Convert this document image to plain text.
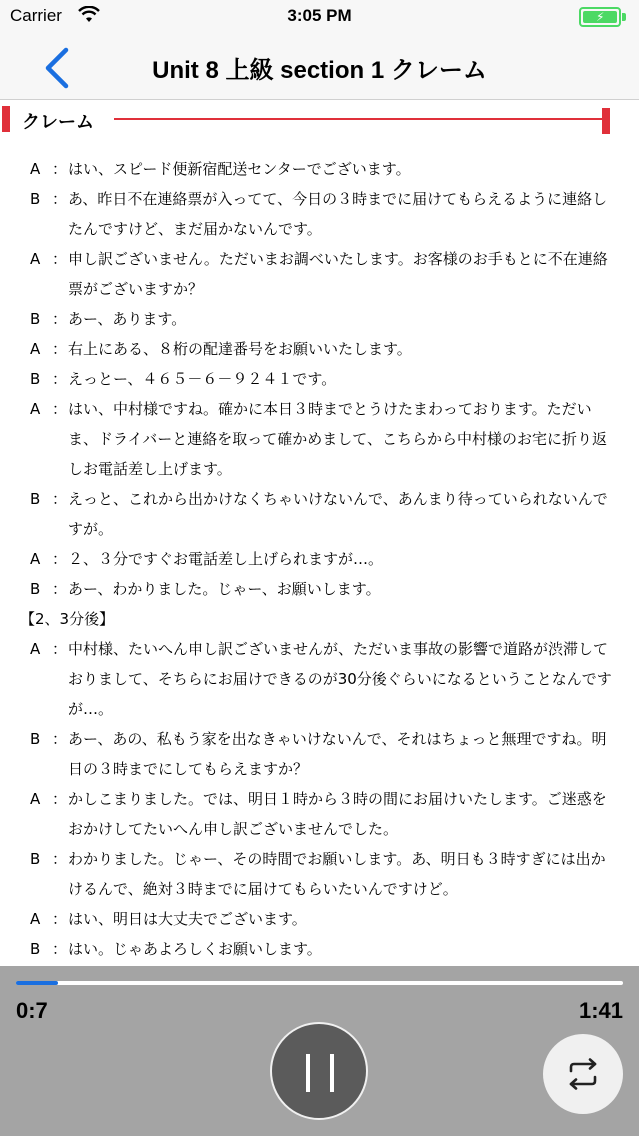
Carrier	3:05 PM	⚡
Unit 8 上級 section 1 クレーム
クレーム
A ： はい、スピード便新宿配送センターでございます。
B ： あ、昨日不在連絡票が入ってて、今日の３時までに届けてもらえるように連絡したんですけど、まだ届かないんです。
A ： 申し訳ございません。ただいまお調べいたします。お客様のお手もとに不在連絡票がございますか？
B ： あー、あります。
A ： 右上にある、８桁の配達番号をお願いいたします。
B ： えっとー、４６５－６－９２４１です。
A ： はい、中村様ですね。確かに本日３時までとうけたまわっております。ただいま、ドライバーと連絡を取って確かめまして、こちらから中村様のお宅に折り返しお電話差し上げます。
B ： えっと、これから出かけなくちゃいけないんで、あんまり待っていられないんですが。
A ： ２、３分ですぐお電話差し上げられますが…。
B ： あー、わかりました。じゃー、お願いします。
【2、3分後】
A ： 中村様、たいへん申し訳ございませんが、ただいま事故の影響で道路が渋滞しておりまして、そちらにお届けできるのが30分後ぐらいになるということなんですが…。
B ： あー、あの、私もう家を出なきゃいけないんで、それはちょっと無理ですね。明日の３時までにしてもらえますか？
A ： かしこまりました。では、明日１時から３時の間にお届けいたします。ご迷惑をおかけしてたいへん申し訳ございませんでした。
B ： わかりました。じゃー、その時間でお願いします。あ、明日も３時すぎには出かけるんで、絶対３時までに届けてもらいたいんですけど。
A ： はい、明日は大丈夫でございます。
B ： はい。じゃあよろしくお願いします。
0:7	1:41
